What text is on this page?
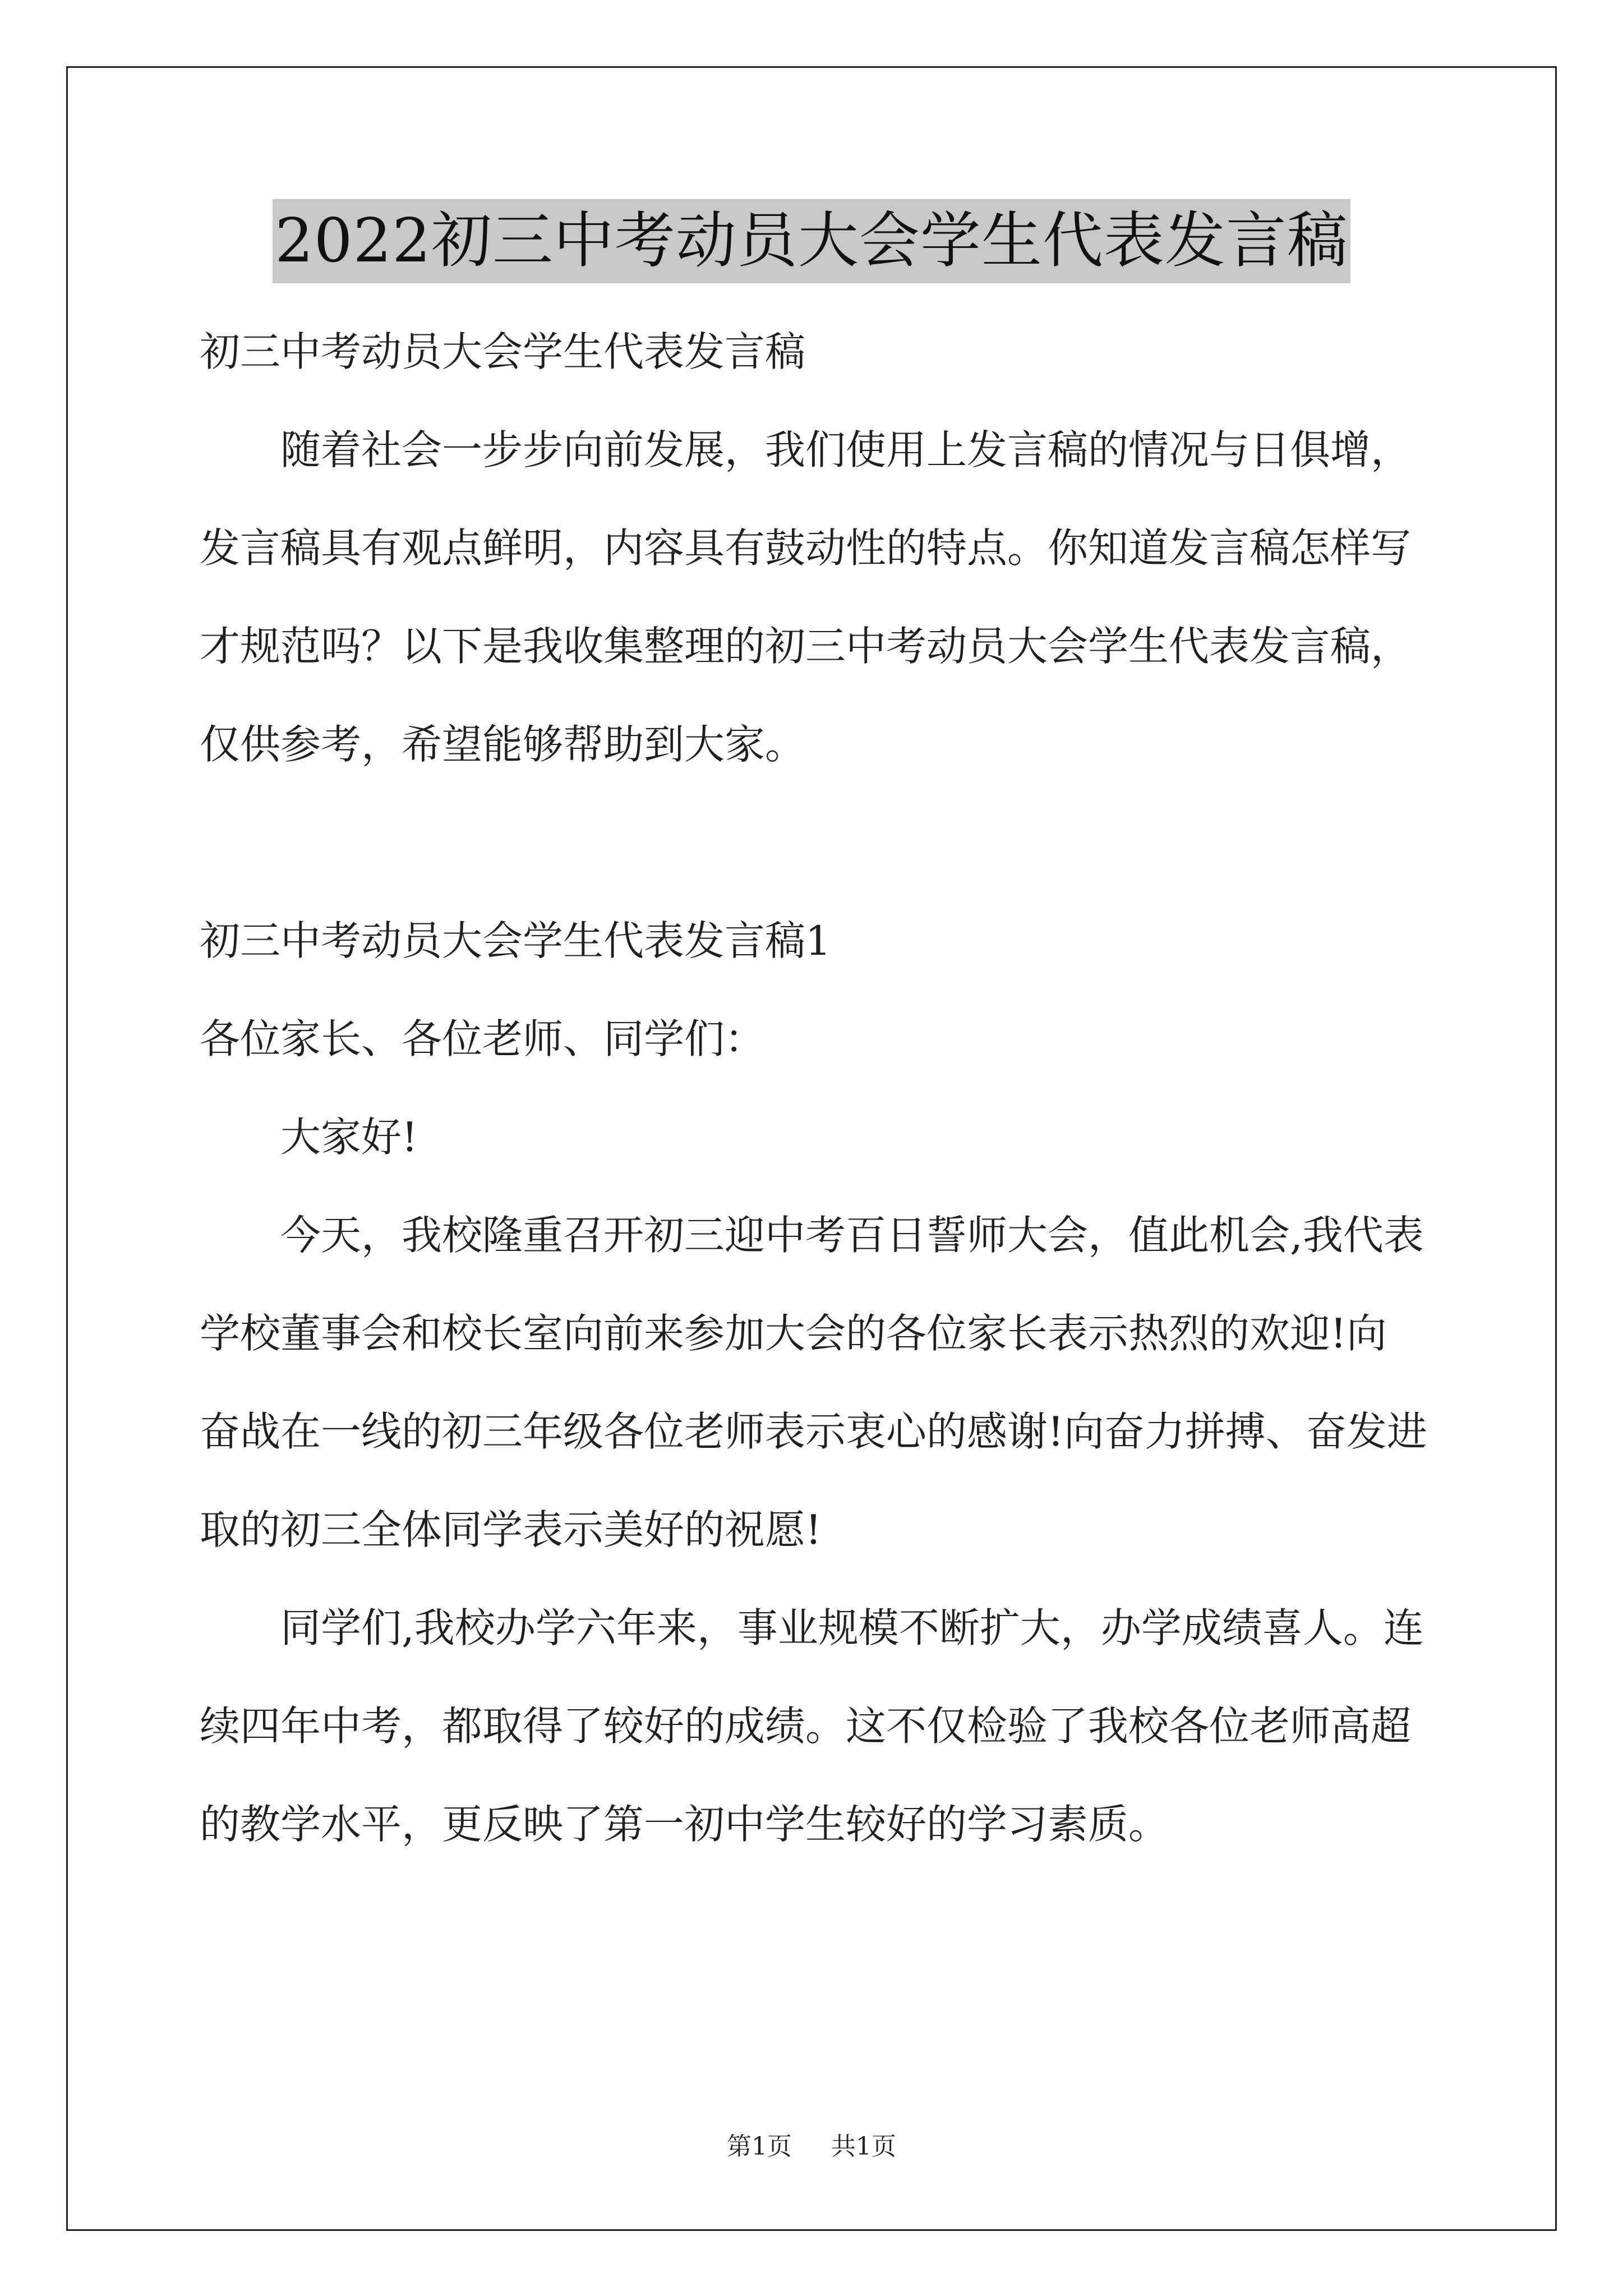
2022初三中考动员大会学生代表发言稿
初三中考动员大会学生代表发言稿
随着社会一步步向前发展，我们使用上发言稿的情况与日俱增，
发言稿具有观点鲜明，内容具有鼓动性的特点。你知道发言稿怎样写
才规范吗？以下是我收集整理的初三中考动员大会学生代表发言稿，
仅供参考，希望能够帮助到大家。
初三中考动员大会学生代表发言稿1
各位家长、各位老师、同学们：
大家好!
今天，我校隆重召开初三迎中考百日誓师大会，值此机会,我代表
学校董事会和校长室向前来参加大会的各位家长表示热烈的欢迎!向
奋战在一线的初三年级各位老师表示衷心的感谢!向奋力拼搏、奋发进
取的初三全体同学表示美好的祝愿!
同学们,我校办学六年来，事业规模不断扩大，办学成绩喜人。连
续四年中考，都取得了较好的成绩。这不仅检验了我校各位老师高超
的教学水平，更反映了第一初中学生较好的学习素质。
第1页 共1页
